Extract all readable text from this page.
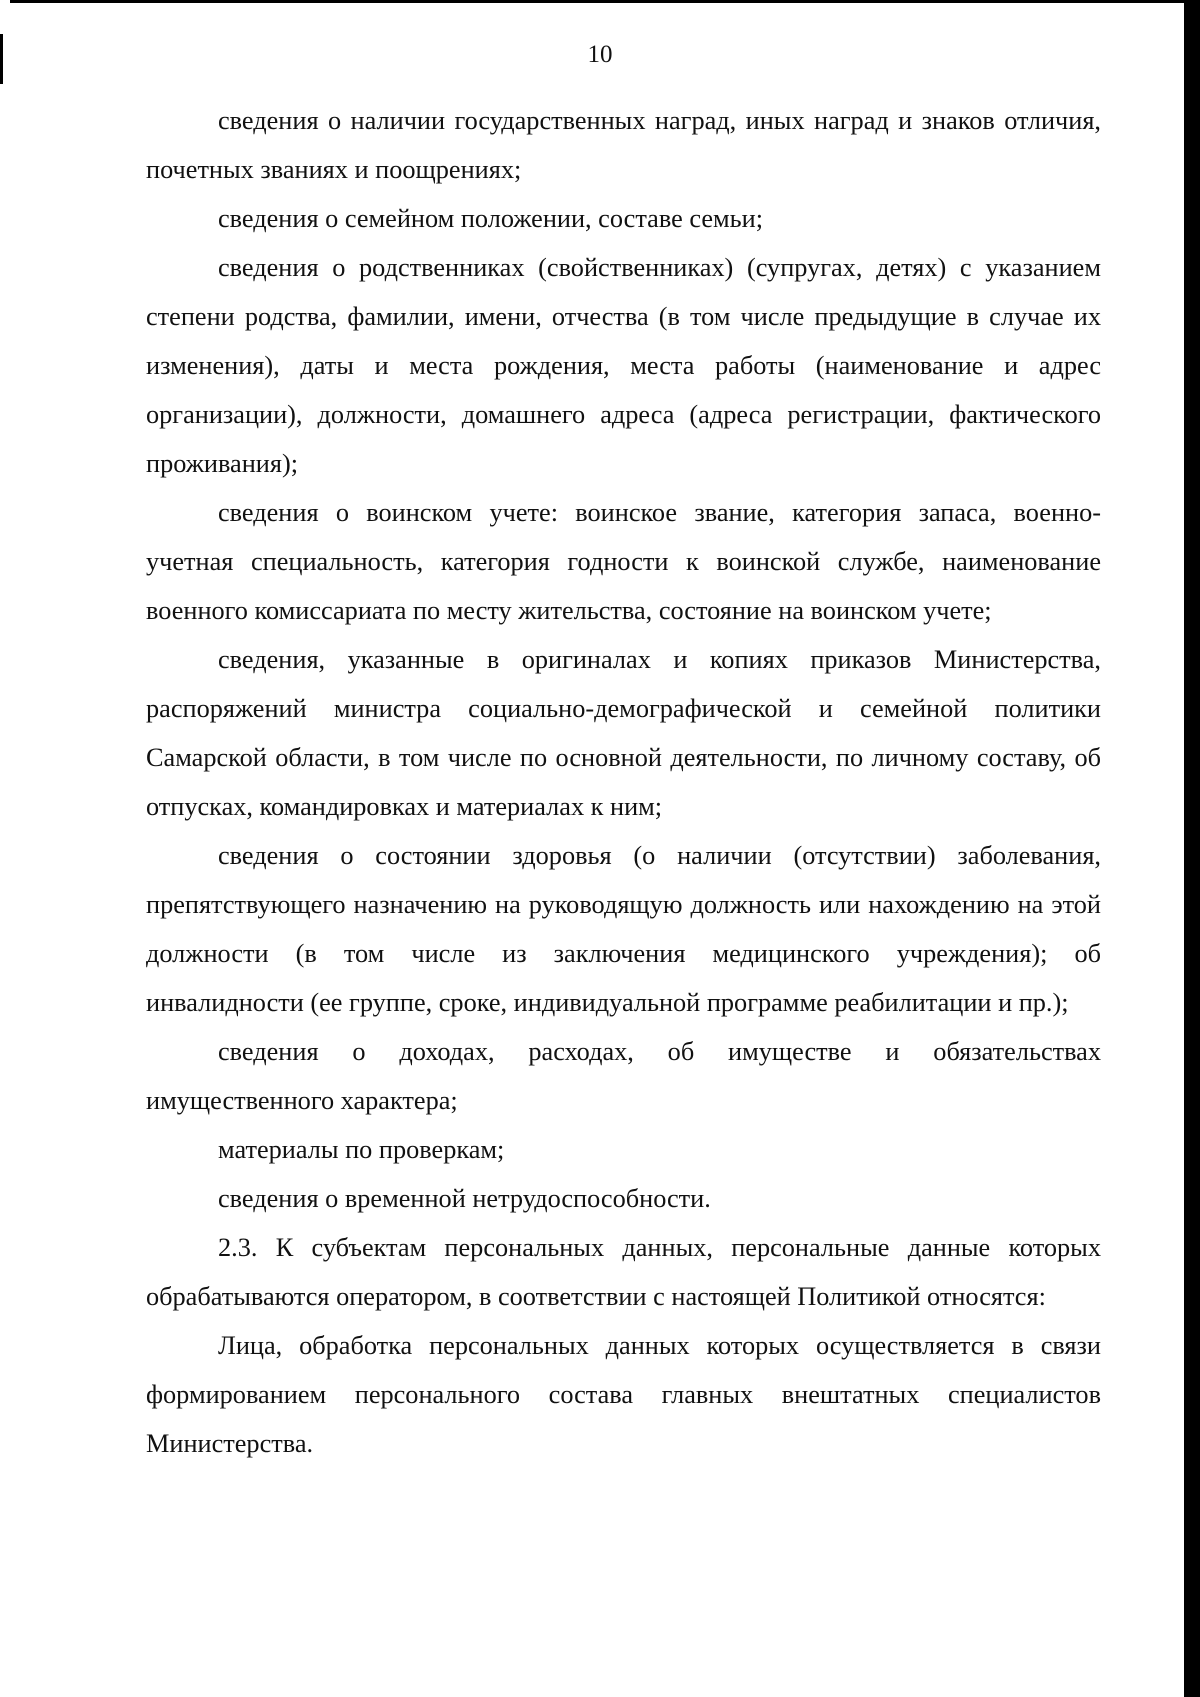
10

сведения о наличии государственных наград, иных наград и знаков отличия, почетных званиях и поощрениях;

сведения о семейном положении, составе семьи;

сведения о родственниках (свойственниках) (супругах, детях) с указанием степени родства, фамилии, имени, отчества (в том числе предыдущие в случае их изменения), даты и места рождения, места работы (наименование и адрес организации), должности, домашнего адреса (адреса регистрации, фактического проживания);

сведения о воинском учете: воинское звание, категория запаса, военно-учетная специальность, категория годности к воинской службе, наименование военного комиссариата по месту жительства, состояние на воинском учете;

сведения, указанные в оригиналах и копиях приказов Министерства, распоряжений министра социально-демографической и семейной политики Самарской области, в том числе по основной деятельности, по личному составу, об отпусках, командировках и материалах к ним;

сведения о состоянии здоровья (о наличии (отсутствии) заболевания, препятствующего назначению на руководящую должность или нахождению на этой должности (в том числе из заключения медицинского учреждения); об инвалидности (ее группе, сроке, индивидуальной программе реабилитации и пр.);

сведения о доходах, расходах, об имуществе и обязательствах имущественного характера;

материалы по проверкам;

сведения о временной нетрудоспособности.

2.3. К субъектам персональных данных, персональные данные которых обрабатываются оператором, в соответствии с настоящей Политикой относятся:

Лица, обработка персональных данных которых осуществляется в связи формированием персонального состава главных внештатных специалистов Министерства.
